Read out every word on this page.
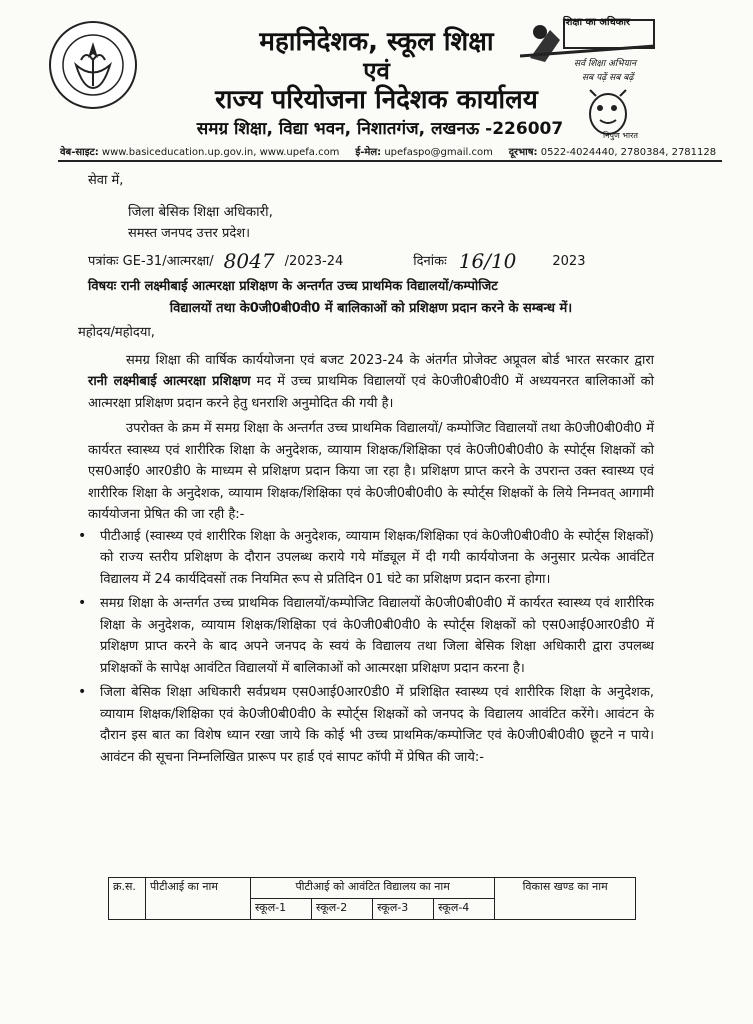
महानिदेशक, स्कूल शिक्षा
एवं
राज्य परियोजना निदेशक कार्यालय
समग्र शिक्षा, विद्या भवन, निशातगंज, लखनऊ -226007
शिक्षा का अधिकार
सर्व शिक्षा अभियान
सब पढ़ें सब बढ़ें
निपुण भारत
वेब-साइट: www.basiceducation.up.gov.in, www.upefa.com ई-मेल: upefaspo@gmail.com दूरभाष: 0522-4024440, 2780384, 2781128

सेवा में,

जिला बेसिक शिक्षा अधिकारी,

समस्त जनपद उत्तर प्रदेश।

पत्रांकः GE-31/आत्मरक्षा/ 8047 /2023-24	दिनांकः 16/10	2023
विषयः रानी लक्ष्मीबाई आत्मरक्षा प्रशिक्षण के अन्तर्गत उच्च प्राथमिक विद्यालयों/कम्पोजिट
विद्यालयों तथा के0जी0बी0वी0 में बालिकाओं को प्रशिक्षण प्रदान करने के सम्बन्ध में।

महोदय/महोदया,

समग्र शिक्षा की वार्षिक कार्ययोजना एवं बजट 2023-24 के अंतर्गत प्रोजेक्ट अप्रूवल बोर्ड भारत सरकार द्वारा रानी लक्ष्मीबाई आत्मरक्षा प्रशिक्षण मद में उच्च प्राथमिक विद्यालयों एवं के0जी0बी0वी0 में अध्ययनरत बालिकाओं को आत्मरक्षा प्रशिक्षण प्रदान करने हेतु धनराशि अनुमोदित की गयी है।

उपरोक्त के क्रम में समग्र शिक्षा के अन्तर्गत उच्च प्राथमिक विद्यालयों/ कम्पोजिट विद्यालयों तथा के0जी0बी0वी0 में कार्यरत स्वास्थ्य एवं शारीरिक शिक्षा के अनुदेशक, व्यायाम शिक्षक/शिक्षिका एवं के0जी0बी0वी0 के स्पोर्ट्स शिक्षकों को एस0आई0 आर0डी0 के माध्यम से प्रशिक्षण प्रदान किया जा रहा है। प्रशिक्षण प्राप्त करने के उपरान्त उक्त स्वास्थ्य एवं शारीरिक शिक्षा के अनुदेशक, व्यायाम शिक्षक/शिक्षिका एवं के0जी0बी0वी0 के स्पोर्ट्स शिक्षकों के लिये निम्नवत् आगामी कार्ययोजना प्रेषित की जा रही है:-

• पीटीआई (स्वास्थ्य एवं शारीरिक शिक्षा के अनुदेशक, व्यायाम शिक्षक/शिक्षिका एवं के0जी0बी0वी0 के स्पोर्ट्स शिक्षकों) को राज्य स्तरीय प्रशिक्षण के दौरान उपलब्ध कराये गये मॉड्यूल में दी गयी कार्ययोजना के अनुसार प्रत्येक आवंटित विद्यालय में 24 कार्यदिवसों तक नियमित रूप से प्रतिदिन 01 घंटे का प्रशिक्षण प्रदान करना होगा।
• समग्र शिक्षा के अन्तर्गत उच्च प्राथमिक विद्यालयों/कम्पोजिट विद्यालयों के0जी0बी0वी0 में कार्यरत स्वास्थ्य एवं शारीरिक शिक्षा के अनुदेशक, व्यायाम शिक्षक/शिक्षिका एवं के0जी0बी0वी0 के स्पोर्ट्स शिक्षकों को एस0आई0आर0डी0 में प्रशिक्षण प्राप्त करने के बाद अपने जनपद के स्वयं के विद्यालय तथा जिला बेसिक शिक्षा अधिकारी द्वारा उपलब्ध प्रशिक्षकों के सापेक्ष आवंटित विद्यालयों में बालिकाओं को आत्मरक्षा प्रशिक्षण प्रदान करना है।
• जिला बेसिक शिक्षा अधिकारी सर्वप्रथम एस0आई0आर0डी0 में प्रशिक्षित स्वास्थ्य एवं शारीरिक शिक्षा के अनुदेशक, व्यायाम शिक्षक/शिक्षिका एवं के0जी0बी0वी0 के स्पोर्ट्स शिक्षकों को जनपद के विद्यालय आवंटित करेंगे। आवंटन के दौरान इस बात का विशेष ध्यान रखा जाये कि कोई भी उच्च प्राथमिक/कम्पोजिट एवं के0जी0बी0वी0 छूटने न पाये। आवंटन की सूचना निम्नलिखित प्रारूप पर हार्ड एवं सापट कॉपी में प्रेषित की जाये:-
क्र.स.	पीटीआई का नाम	पीटीआई को आवंटित विद्यालय का नाम				विकास खण्ड का नाम
		स्कूल-1	स्कूल-2	स्कूल-3	स्कूल-4	
